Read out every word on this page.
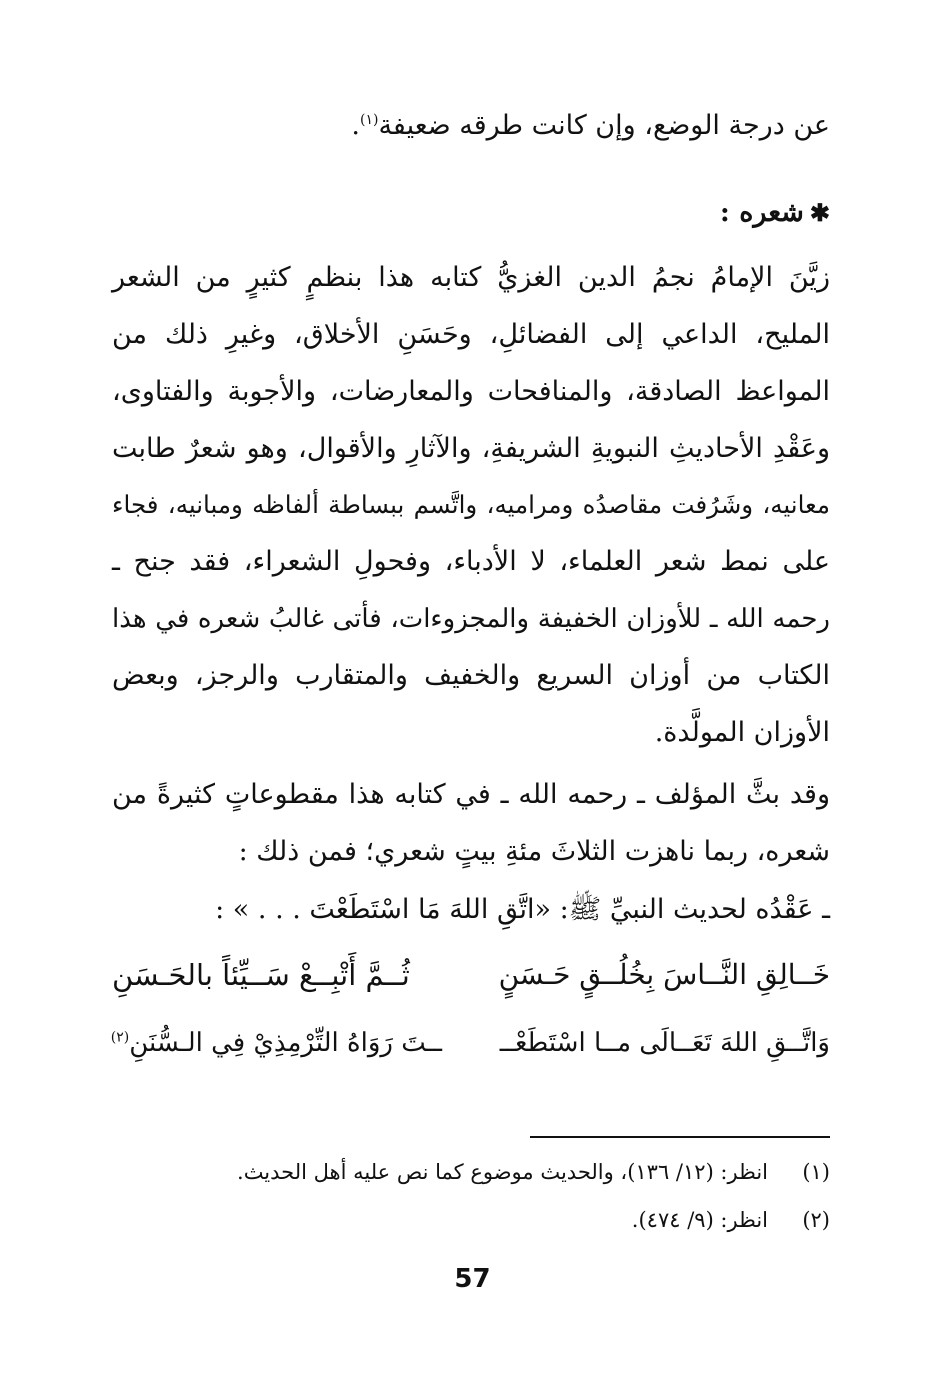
عن درجة الوضع، وإن كانت طرقه ضعيفة$^{(١)}$.
✱شعره :
زيَّنَ الإمامُ نجمُ الدين الغزيُّ كتابه هذا بنظمٍ كثيرٍ من الشعر
المليح، الداعي إلى الفضائلِ، وحَسَنِ الأخلاق، وغيرِ ذلك من
المواعظ الصادقة، والمنافحات والمعارضات، والأجوبة والفتاوى،
وعَقْدِ الأحاديثِ النبويةِ الشريفةِ، والآثارِ والأقوال، وهو شعرٌ طابت
معانيه، وشَرُفت مقاصدُه ومراميه، واتَّسم ببساطة ألفاظه ومبانيه، فجاء
على نمط شعر العلماء، لا الأدباء، وفحولِ الشعراء، فقد جنح ـ
رحمه الله ـ للأوزان الخفيفة والمجزوءات، فأتى غالبُ شعره في هذا
الكتاب من أوزان السريع والخفيف والمتقارب والرجز، وبعض
الأوزان المولَّدة.
وقد بثَّ المؤلف ـ رحمه الله ـ في كتابه هذا مقطوعاتٍ كثيرةً من
شعره، ربما ناهزت الثلاثَ مئةِ بيتٍ شعري؛ فمن ذلك :
ـ عَقْدُه لحديث النبيِّ ﷺ: «اتَّقِ اللهَ مَا اسْتَطَعْتَ . . . » :
خَــالِقِ النَّــاسَ بِخُلُــقٍ حَـسَنٍ
ثُــمَّ أَتْبِــعْ سَــيِّئاً بالحَـسَنِ
وَاتَّــقِ اللهَ تَعَــالَى مــا اسْتَطَعْــ
ــتَ رَوَاهُ التِّرْمِذِيْ فِي الـسُّنَنِ$^{(٢)}$
(١)انظر: (١٢/ ١٣٦)، والحديث موضوع كما نص عليه أهل الحديث.
(٢)انظر: (٩/ ٤٧٤).
57
